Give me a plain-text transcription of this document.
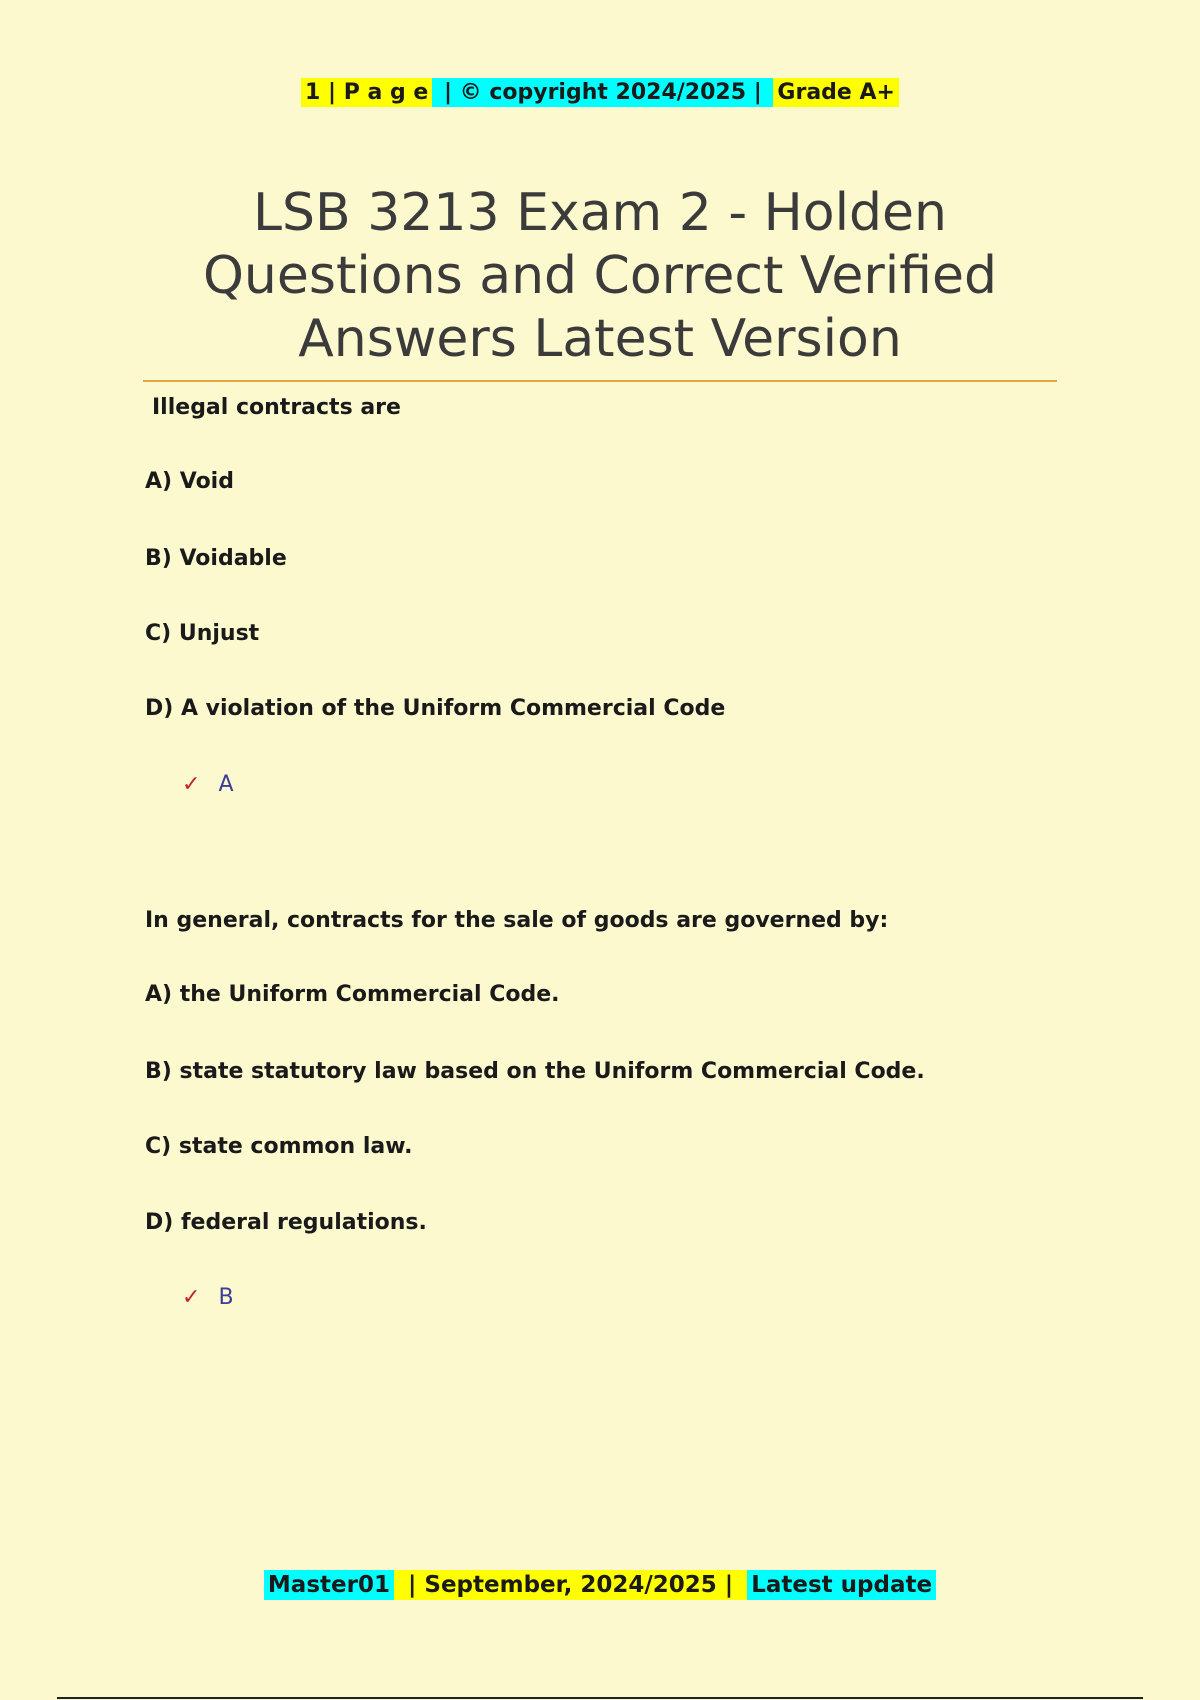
1 | P a g e | © copyright 2024/2025 | Grade A+
LSB 3213 Exam 2 - Holden Questions and Correct Verified Answers Latest Version
Illegal contracts are
A) Void
B) Voidable
C) Unjust
D) A violation of the Uniform Commercial Code
✓ A
In general, contracts for the sale of goods are governed by:
A) the Uniform Commercial Code.
B) state statutory law based on the Uniform Commercial Code.
C) state common law.
D) federal regulations.
✓ B
Master01 | September, 2024/2025 | Latest update
